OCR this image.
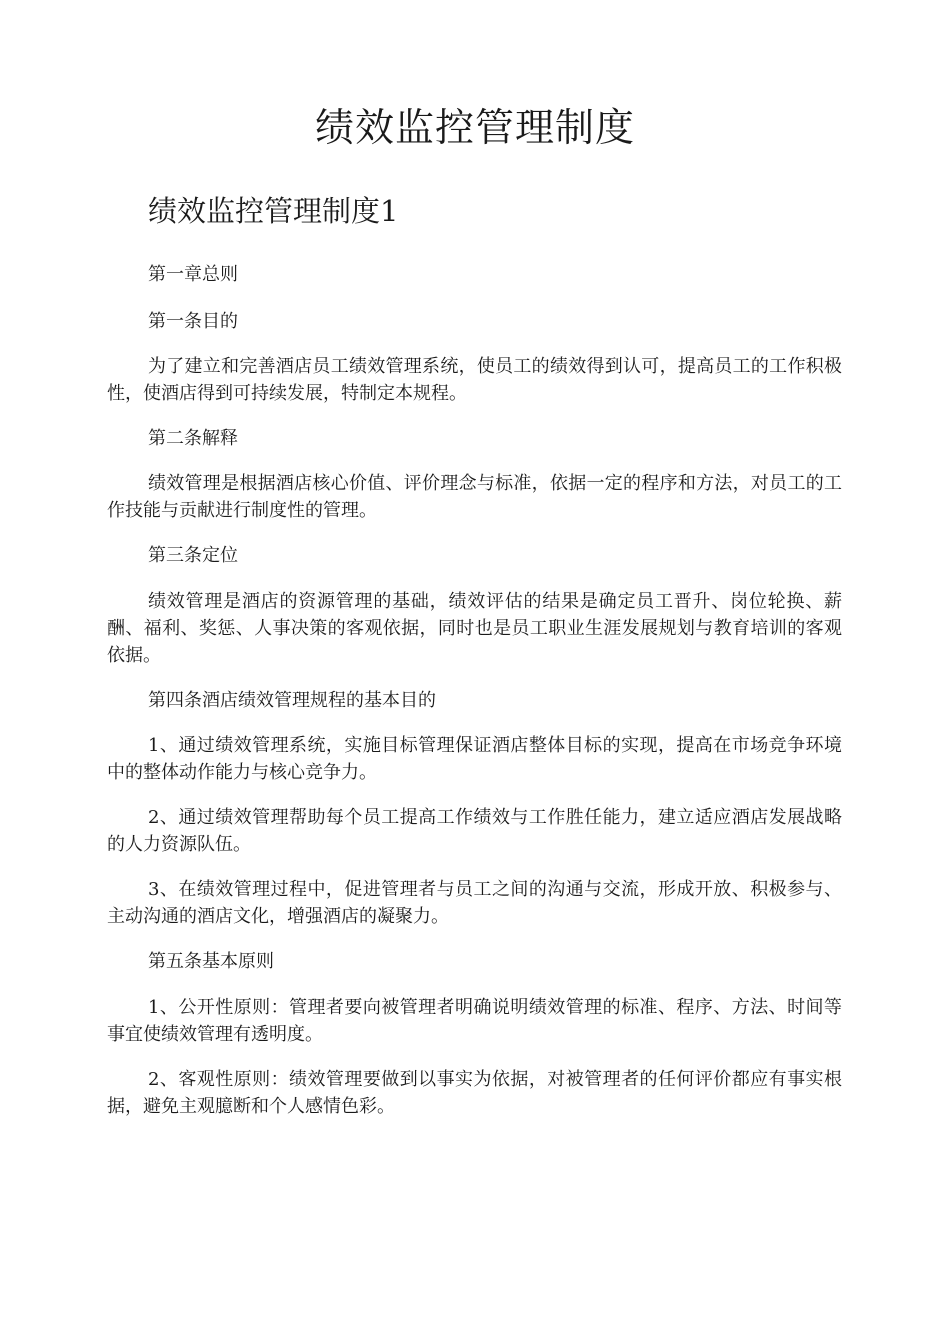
绩效监控管理制度
绩效监控管理制度1

第一章总则

第一条目的

为了建立和完善酒店员工绩效管理系统，使员工的绩效得到认可，提高员工的工作积极性，使酒店得到可持续发展，特制定本规程。

第二条解释

绩效管理是根据酒店核心价值、评价理念与标准，依据一定的程序和方法，对员工的工作技能与贡献进行制度性的管理。

第三条定位

绩效管理是酒店的资源管理的基础，绩效评估的结果是确定员工晋升、岗位轮换、薪酬、福利、奖惩、人事决策的客观依据，同时也是员工职业生涯发展规划与教育培训的客观依据。

第四条酒店绩效管理规程的基本目的

1、通过绩效管理系统，实施目标管理保证酒店整体目标的实现，提高在市场竞争环境中的整体动作能力与核心竞争力。

2、通过绩效管理帮助每个员工提高工作绩效与工作胜任能力，建立适应酒店发展战略的人力资源队伍。

3、在绩效管理过程中，促进管理者与员工之间的沟通与交流，形成开放、积极参与、主动沟通的酒店文化，增强酒店的凝聚力。

第五条基本原则

1、公开性原则：管理者要向被管理者明确说明绩效管理的标准、程序、方法、时间等事宜使绩效管理有透明度。

2、客观性原则：绩效管理要做到以事实为依据，对被管理者的任何评价都应有事实根据，避免主观臆断和个人感情色彩。
